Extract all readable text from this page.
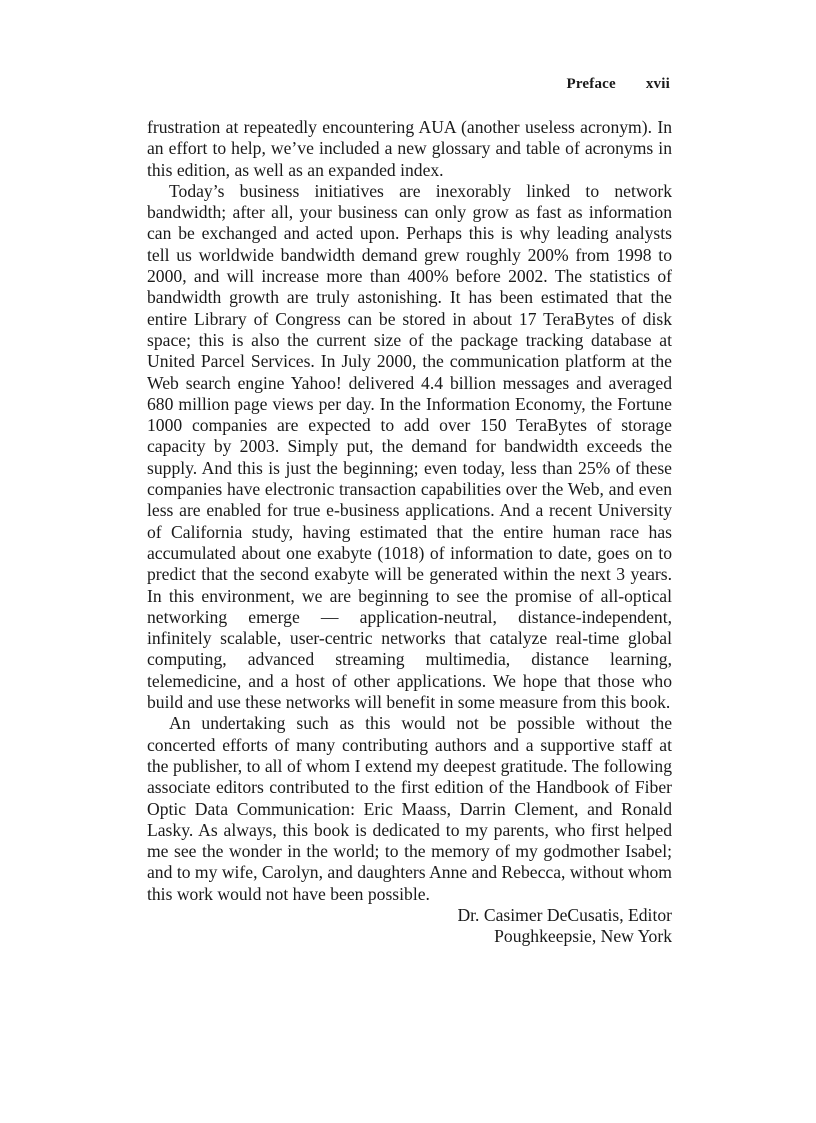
Preface xvii

frustration at repeatedly encountering AUA (another useless acronym). In an effort to help, we’ve included a new glossary and table of acronyms in this edition, as well as an expanded index.

Today’s business initiatives are inexorably linked to network bandwidth; after all, your business can only grow as fast as information can be exchanged and acted upon. Perhaps this is why leading analysts tell us worldwide bandwidth demand grew roughly 200% from 1998 to 2000, and will increase more than 400% before 2002. The statistics of bandwidth growth are truly astonishing. It has been estimated that the entire Library of Congress can be stored in about 17 TeraBytes of disk space; this is also the current size of the package tracking database at United Parcel Services. In July 2000, the communication platform at the Web search engine Yahoo! delivered 4.4 billion messages and averaged 680 million page views per day. In the Information Economy, the Fortune 1000 companies are expected to add over 150 TeraBytes of storage capacity by 2003. Simply put, the demand for bandwidth exceeds the supply. And this is just the beginning; even today, less than 25% of these companies have electronic transaction capabilities over the Web, and even less are enabled for true e-business applications. And a recent University of California study, having estimated that the entire human race has accumulated about one exabyte (1018) of information to date, goes on to predict that the second exabyte will be generated within the next 3 years. In this environment, we are beginning to see the promise of all-optical networking emerge — application-neutral, distance-independent, infinitely scalable, user-centric networks that catalyze real-time global computing, advanced streaming multimedia, distance learning, telemedicine, and a host of other applications. We hope that those who build and use these networks will benefit in some measure from this book.

An undertaking such as this would not be possible without the concerted efforts of many contributing authors and a supportive staff at the publisher, to all of whom I extend my deepest gratitude. The following associate editors contributed to the first edition of the Handbook of Fiber Optic Data Communication: Eric Maass, Darrin Clement, and Ronald Lasky. As always, this book is dedicated to my parents, who first helped me see the wonder in the world; to the memory of my godmother Isabel; and to my wife, Carolyn, and daughters Anne and Rebecca, without whom this work would not have been possible.

Dr. Casimer DeCusatis, Editor
Poughkeepsie, New York
